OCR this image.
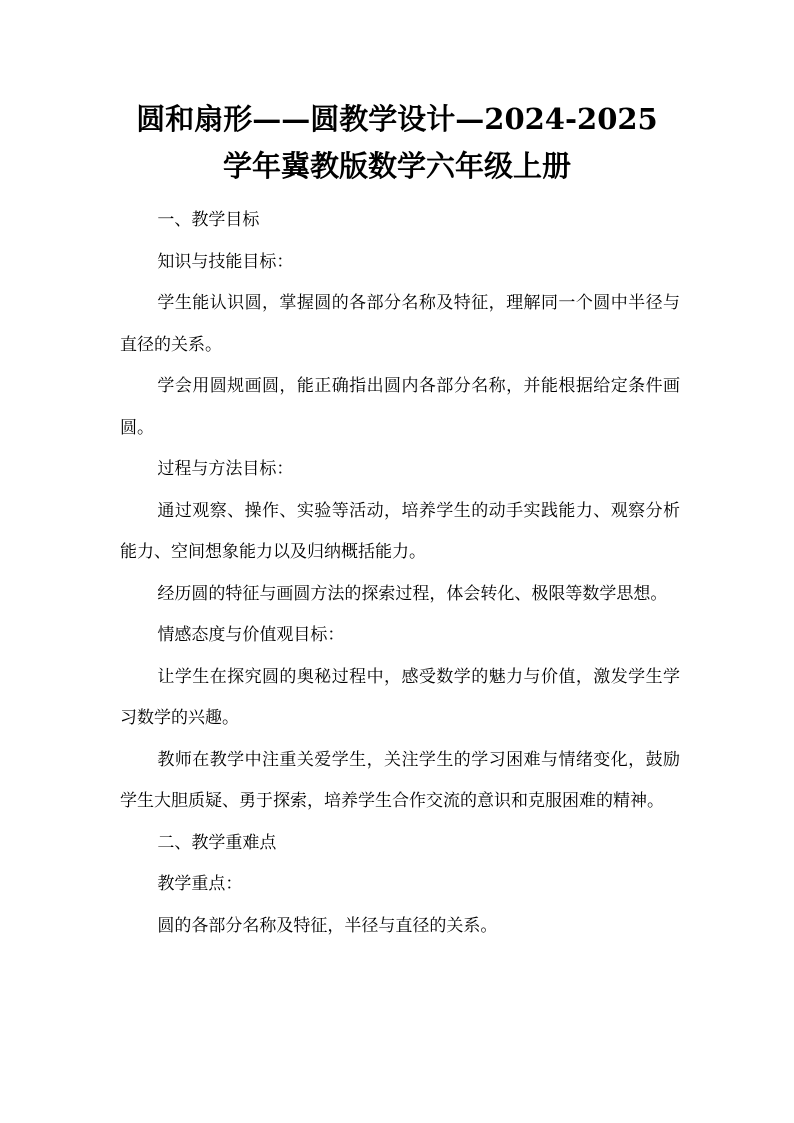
圆和扇形——圆教学设计—2024-2025
学年冀教版数学六年级上册

一、教学目标

知识与技能目标：

学生能认识圆，掌握圆的各部分名称及特征，理解同一个圆中半径与直径的关系。

学会用圆规画圆，能正确指出圆内各部分名称，并能根据给定条件画圆。

过程与方法目标：

通过观察、操作、实验等活动，培养学生的动手实践能力、观察分析能力、空间想象能力以及归纳概括能力。

经历圆的特征与画圆方法的探索过程，体会转化、极限等数学思想。

情感态度与价值观目标：

让学生在探究圆的奥秘过程中，感受数学的魅力与价值，激发学生学习数学的兴趣。

教师在教学中注重关爱学生，关注学生的学习困难与情绪变化，鼓励学生大胆质疑、勇于探索，培养学生合作交流的意识和克服困难的精神。

二、教学重难点

教学重点：

圆的各部分名称及特征，半径与直径的关系。
